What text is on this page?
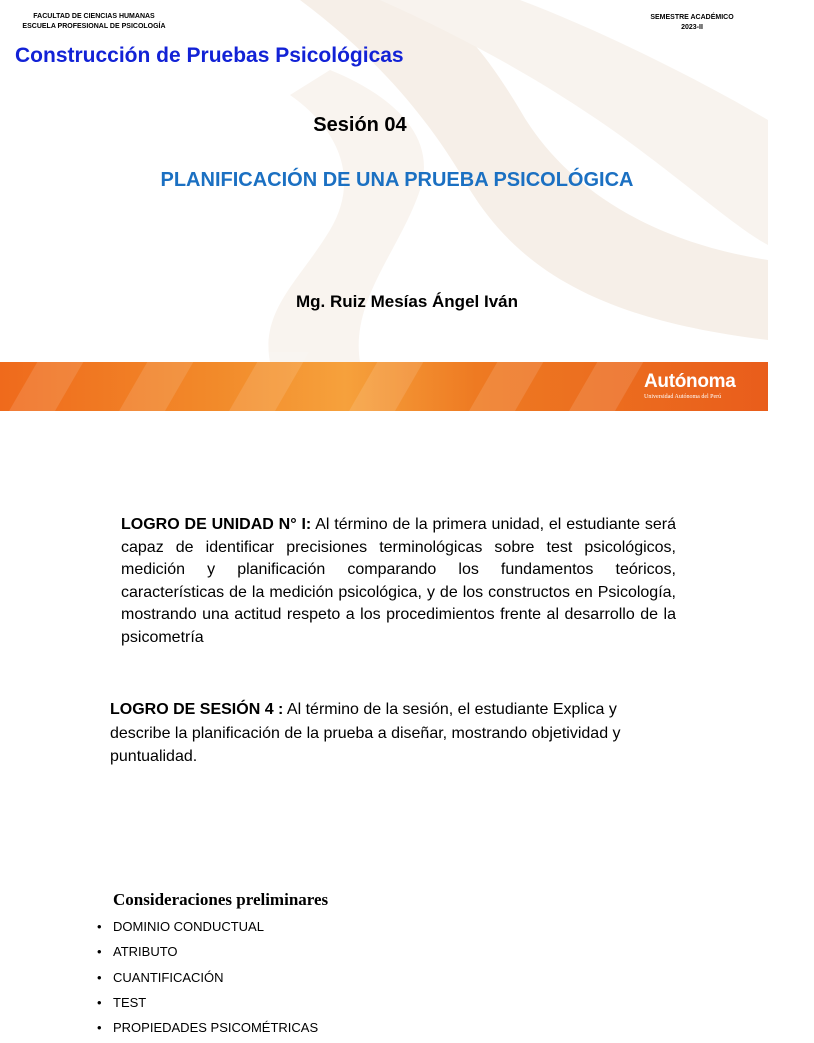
FACULTAD DE CIENCIAS HUMANAS
ESCUELA PROFESIONAL DE PSICOLOGÍA
SEMESTRE ACADÉMICO
2023-II
Construcción de Pruebas Psicológicas
Sesión 04
PLANIFICACIÓN DE UNA PRUEBA PSICOLÓGICA
Mg. Ruiz Mesías Ángel Iván
Autónoma
Universidad Autónoma del Perú
LOGRO DE UNIDAD N° I: Al término de la primera unidad, el estudiante será capaz de identificar precisiones terminológicas sobre test psicológicos, medición y planificación comparando los fundamentos teóricos, características de la medición psicológica, y de los constructos en Psicología, mostrando una actitud respeto a los procedimientos frente al desarrollo de la psicometría
LOGRO DE SESIÓN 4 : Al término de la sesión, el estudiante Explica y describe la planificación de la prueba a diseñar, mostrando objetividad y puntualidad.
Consideraciones preliminares
• DOMINIO CONDUCTUAL
• ATRIBUTO
• CUANTIFICACIÓN
• TEST
• PROPIEDADES PSICOMÉTRICAS
